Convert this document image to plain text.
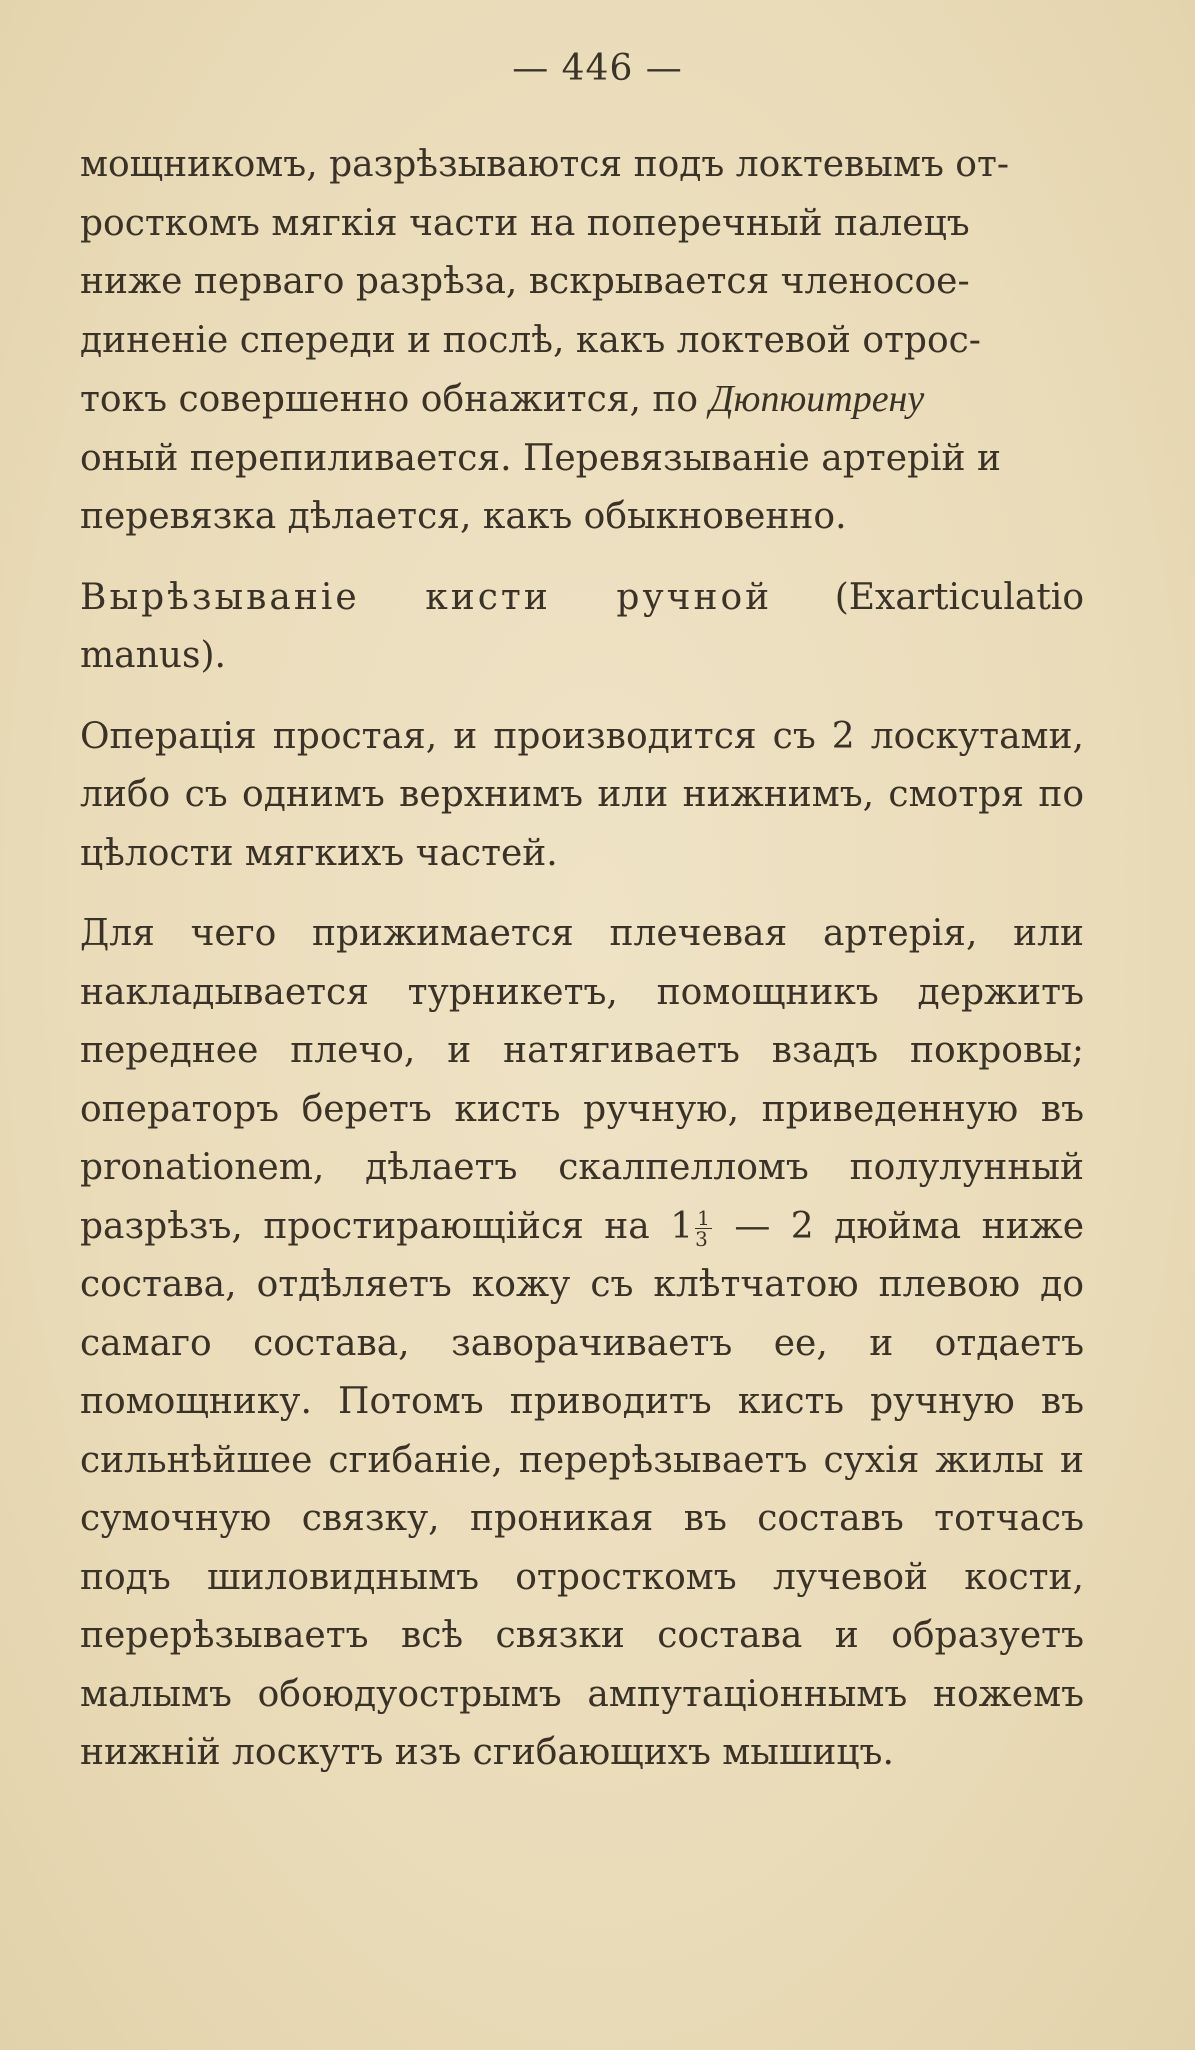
— 446 —

мощникомъ, разрѣзываются подъ локтевымъ от-
росткомъ мягкія части на поперечный палецъ
ниже перваго разрѣза, вскрывается членосое-
диненіе спереди и послѣ, какъ локтевой отрос-
токъ совершенно обнажится, по Дюпюитрену
оный перепиливается. Перевязываніе артерій и
перевязка дѣлается, какъ обыкновенно.

Вырѣзываніе кисти ручной (Exarticulatio manus).

Операція простая, и производится съ 2 лоскутами, либо съ однимъ верхнимъ или нижнимъ, смотря по цѣлости мягкихъ частей.

Для чего прижимается плечевая артерія, или накладывается турникетъ, помощникъ держитъ переднее плечо, и натягиваетъ взадъ покровы; операторъ беретъ кисть ручную, приведенную въ pronationem, дѣлаетъ скалпелломъ полулунный разрѣзъ, простирающійся на $1 \frac{1}{3}$ — 2 дюйма ниже состава, отдѣляетъ кожу съ клѣтчатою плевою до самаго состава, заворачиваетъ ее, и отдаетъ помощнику. Потомъ приводитъ кисть ручную въ сильнѣйшее сгибаніе, перерѣзываетъ сухія жилы и сумочную связку, проникая въ составъ тотчасъ подъ шиловиднымъ отросткомъ лучевой кости, перерѣзываетъ всѣ связки состава и образуетъ малымъ обоюдуострымъ ампутаціоннымъ ножемъ нижній лоскутъ изъ сгибающихъ мышицъ.
